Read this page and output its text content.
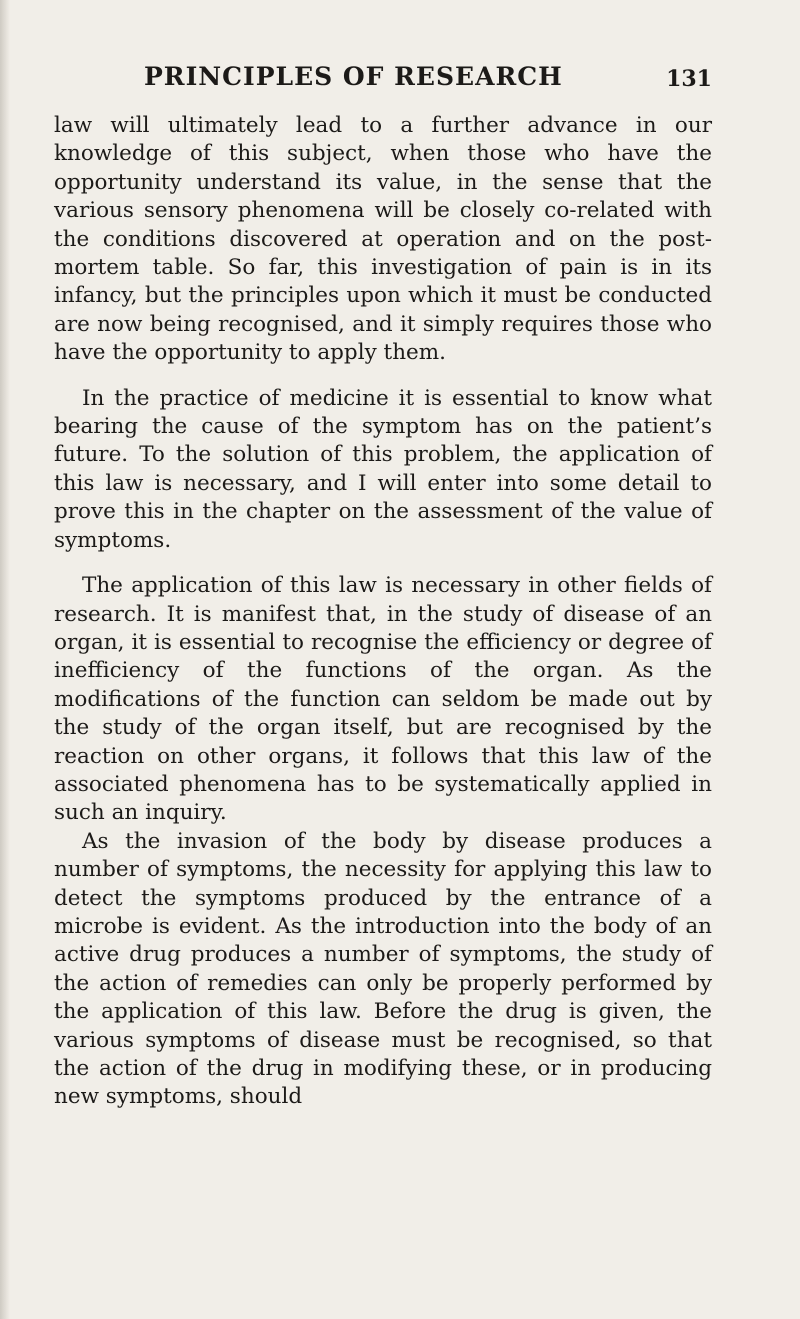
PRINCIPLES OF RESEARCH	131

law will ultimately lead to a further advance in our knowledge of this subject, when those who have the opportunity understand its value, in the sense that the various sensory phenomena will be closely co-related with the conditions discovered at operation and on the post-mortem table. So far, this investigation of pain is in its infancy, but the principles upon which it must be conducted are now being recognised, and it simply requires those who have the opportunity to apply them.

In the practice of medicine it is essential to know what bearing the cause of the symptom has on the patient’s future. To the solution of this problem, the application of this law is necessary, and I will enter into some detail to prove this in the chapter on the assessment of the value of symptoms.

The application of this law is necessary in other fields of research. It is manifest that, in the study of disease of an organ, it is essential to recognise the efficiency or degree of inefficiency of the functions of the organ. As the modifications of the function can seldom be made out by the study of the organ itself, but are recognised by the reaction on other organs, it follows that this law of the associated phenomena has to be systematically applied in such an inquiry.

As the invasion of the body by disease produces a number of symptoms, the necessity for applying this law to detect the symptoms produced by the entrance of a microbe is evident. As the introduction into the body of an active drug produces a number of symptoms, the study of the action of remedies can only be properly performed by the application of this law. Before the drug is given, the various symptoms of disease must be recognised, so that the action of the drug in modifying these, or in producing new symptoms, should
